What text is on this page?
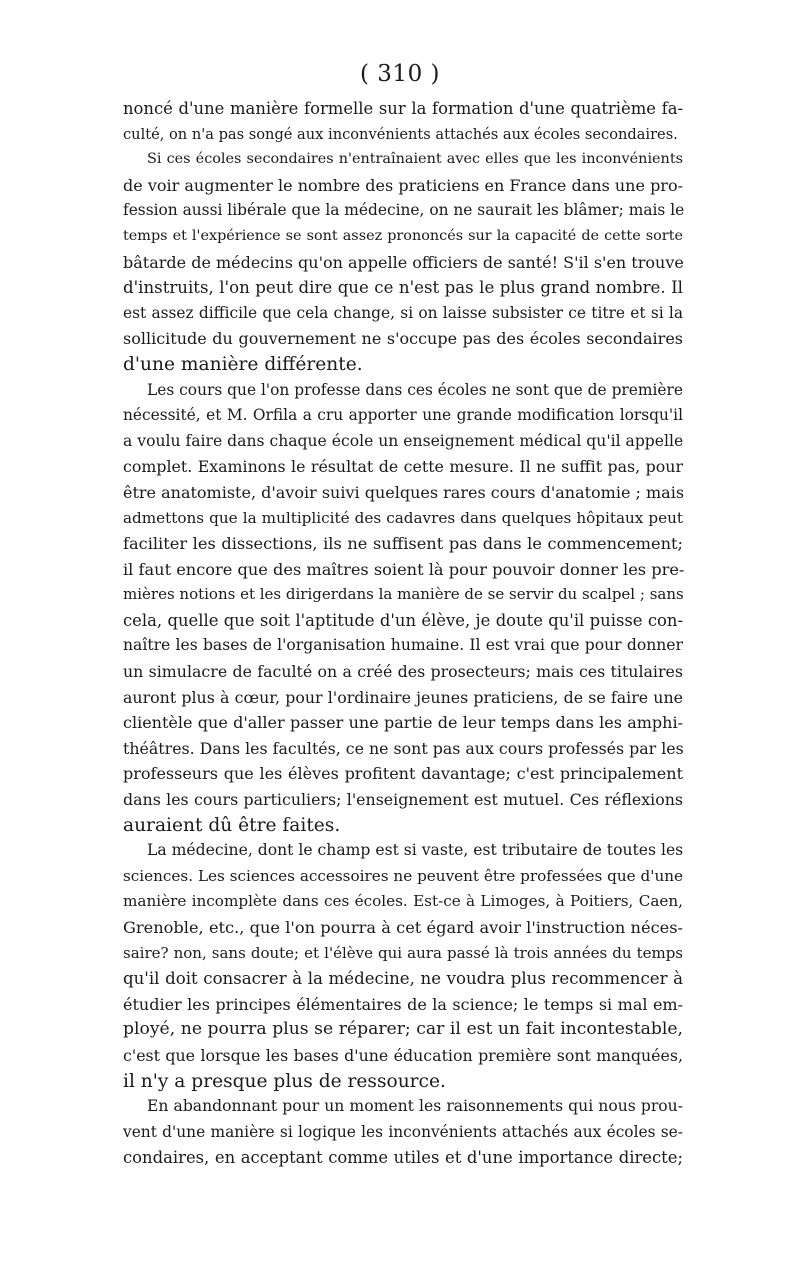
( 310 )
noncé d'une manière formelle sur la formation d'une quatrième fa-
culté, on n'a pas songé aux inconvénients attachés aux écoles secondaires.
Si ces écoles secondaires n'entraînaient avec elles que les inconvénients
de voir augmenter le nombre des praticiens en France dans une pro-
fession aussi libérale que la médecine, on ne saurait les blâmer; mais le
temps et l'expérience se sont assez prononcés sur la capacité de cette sorte
bâtarde de médecins qu'on appelle officiers de santé! S'il s'en trouve
d'instruits, l'on peut dire que ce n'est pas le plus grand nombre. Il
est assez difficile que cela change, si on laisse subsister ce titre et si la
sollicitude du gouvernement ne s'occupe pas des écoles secondaires
d'une manière différente.
Les cours que l'on professe dans ces écoles ne sont que de première
nécessité, et M. Orfila a cru apporter une grande modification lorsqu'il
a voulu faire dans chaque école un enseignement médical qu'il appelle
complet. Examinons le résultat de cette mesure. Il ne suffit pas, pour
être anatomiste, d'avoir suivi quelques rares cours d'anatomie ; mais
admettons que la multiplicité des cadavres dans quelques hôpitaux peut
faciliter les dissections, ils ne suffisent pas dans le commencement;
il faut encore que des maîtres soient là pour pouvoir donner les pre-
mières notions et les dirigerdans la manière de se servir du scalpel ; sans
cela, quelle que soit l'aptitude d'un élève, je doute qu'il puisse con-
naître les bases de l'organisation humaine. Il est vrai que pour donner
un simulacre de faculté on a créé des prosecteurs; mais ces titulaires
auront plus à cœur, pour l'ordinaire jeunes praticiens, de se faire une
clientèle que d'aller passer une partie de leur temps dans les amphi-
théâtres. Dans les facultés, ce ne sont pas aux cours professés par les
professeurs que les élèves profitent davantage; c'est principalement
dans les cours particuliers; l'enseignement est mutuel. Ces réflexions
auraient dû être faites.
La médecine, dont le champ est si vaste, est tributaire de toutes les
sciences. Les sciences accessoires ne peuvent être professées que d'une
manière incomplète dans ces écoles. Est-ce à Limoges, à Poitiers, Caen,
Grenoble, etc., que l'on pourra à cet égard avoir l'instruction néces-
saire? non, sans doute; et l'élève qui aura passé là trois années du temps
qu'il doit consacrer à la médecine, ne voudra plus recommencer à
étudier les principes élémentaires de la science; le temps si mal em-
ployé, ne pourra plus se réparer; car il est un fait incontestable,
c'est que lorsque les bases d'une éducation première sont manquées,
il n'y a presque plus de ressource.
En abandonnant pour un moment les raisonnements qui nous prou-
vent d'une manière si logique les inconvénients attachés aux écoles se-
condaires, en acceptant comme utiles et d'une importance directe;
